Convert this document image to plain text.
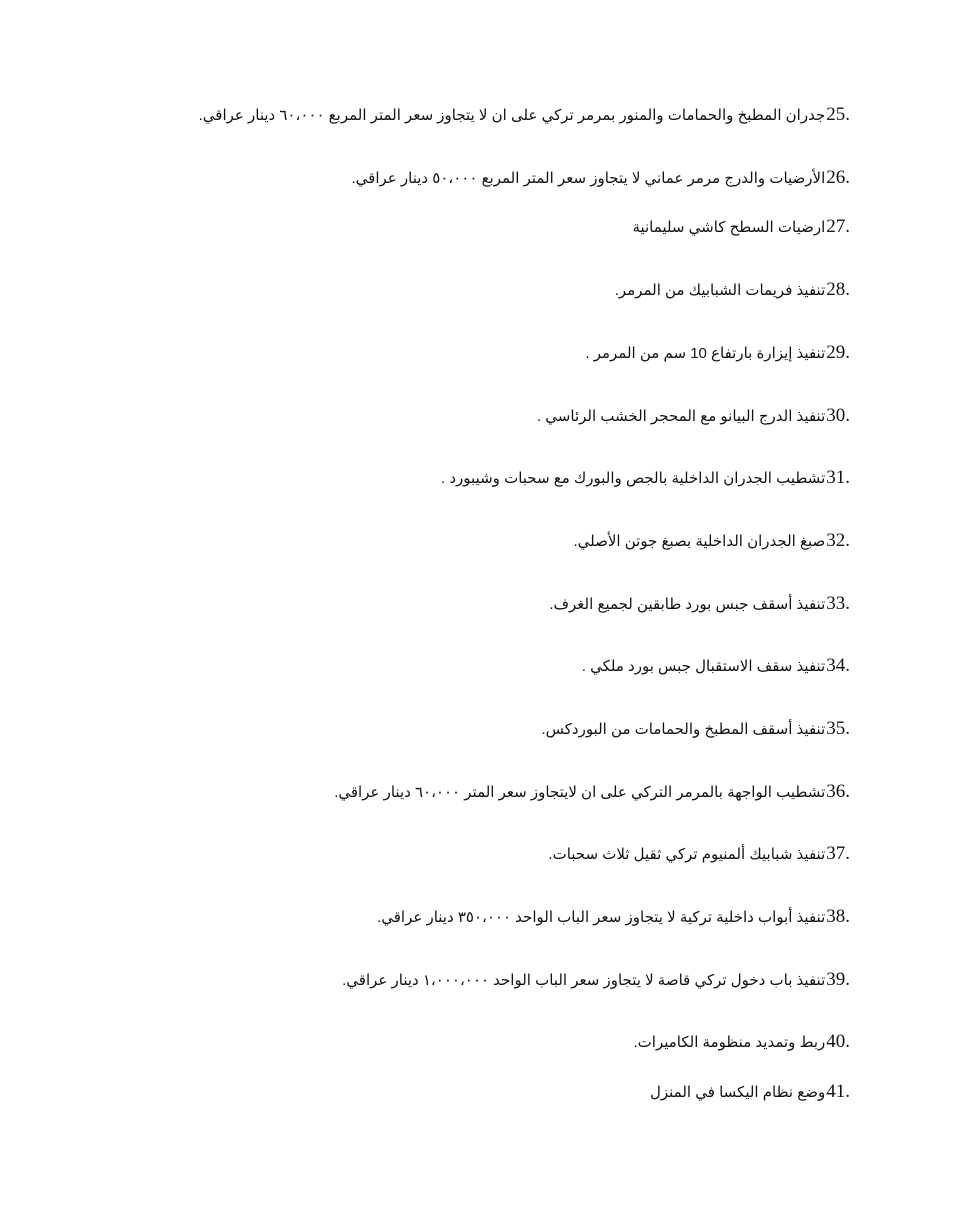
25.
جدران المطبخ والحمامات والمنور بمرمر تركي على ان لا يتجاوز سعر المتر المربع ٦٠،٠٠٠ دينار عراقي.
26.
الأرضيات والدرج مرمر عماني لا يتجاوز سعر المتر المربع ٥٠،٠٠٠ دينار عراقي.
27.
ارضيات السطح كاشي سليمانية
28.
تنفيذ فريمات الشبابيك من المرمر.
29.
تنفيذ إيزارة بارتفاع 10 سم من المرمر .
30.
تنفيذ الدرج البيانو مع المحجر الخشب الرئاسي .
31.
تشطيب الجدران الداخلية بالجص والبورك مع سحبات وشيبورد .
32.
صبغ الجدران الداخلية بصبغ جوتن الأصلي.
33.
تنفيذ أسقف جبس بورد طابقين لجميع الغرف.
34.
تنفيذ سقف الاستقبال جبس بورد ملكي .
35.
تنفيذ أسقف المطبخ والحمامات من البوردكس.
36.
تشطيب الواجهة بالمرمر التركي على ان لايتجاوز سعر المتر ٦٠،٠٠٠ دينار عراقي.
37.
تنفيذ شبابيك ألمنيوم تركي ثقيل ثلاث سحبات.
38.
تنفيذ أبواب داخلية تركية لا يتجاوز سعر الباب الواحد ٣٥٠،٠٠٠ دينار عراقي.
39.
تنفيذ باب دخول تركي قاصة لا يتجاوز سعر الباب الواحد ١،٠٠٠،٠٠٠ دينار عراقي.
40.
ربط وتمديد منظومة الكاميرات.
41.
وضع نظام اليكسا في المنزل
